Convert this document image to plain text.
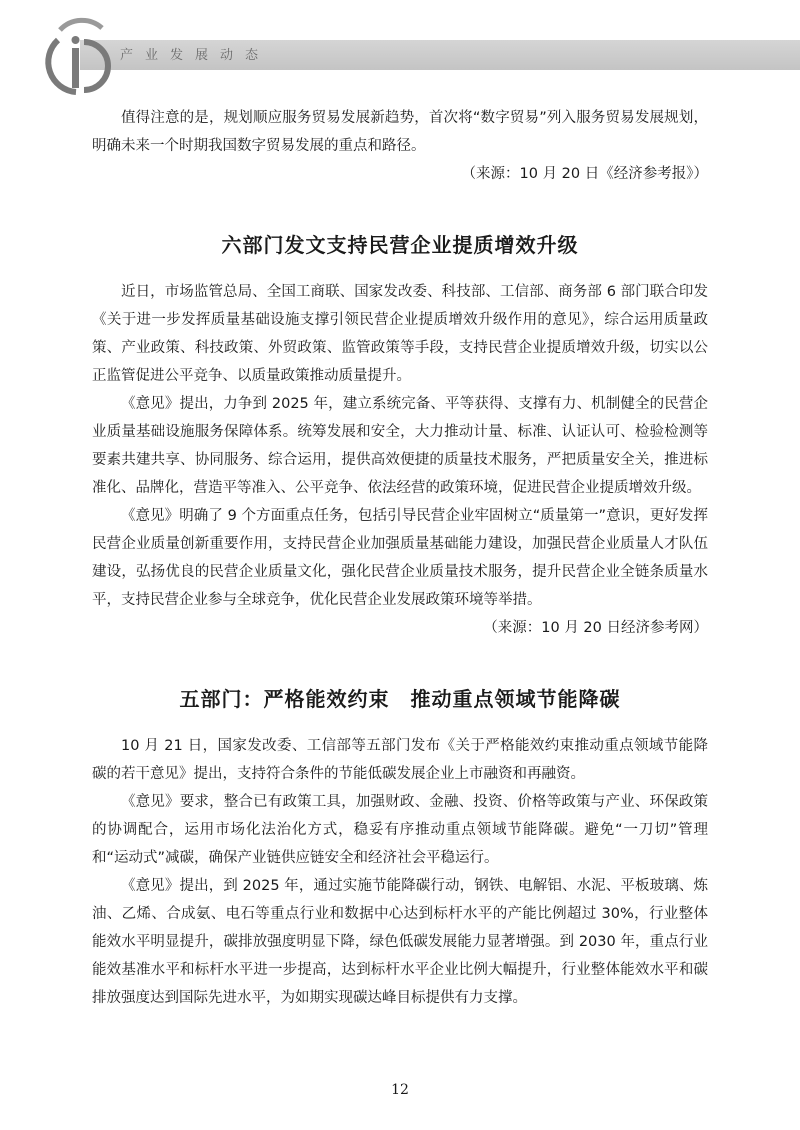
产业发展动态

值得注意的是，规划顺应服务贸易发展新趋势，首次将“数字贸易”列入服务贸易发展规划，明确未来一个时期我国数字贸易发展的重点和路径。

（来源：10 月 20 日《经济参考报》）

六部门发文支持民营企业提质增效升级

近日，市场监管总局、全国工商联、国家发改委、科技部、工信部、商务部 6 部门联合印发《关于进一步发挥质量基础设施支撑引领民营企业提质增效升级作用的意见》，综合运用质量政策、产业政策、科技政策、外贸政策、监管政策等手段，支持民营企业提质增效升级，切实以公正监管促进公平竞争、以质量政策推动质量提升。

《意见》提出，力争到 2025 年，建立系统完备、平等获得、支撑有力、机制健全的民营企业质量基础设施服务保障体系。统筹发展和安全，大力推动计量、标准、认证认可、检验检测等要素共建共享、协同服务、综合运用，提供高效便捷的质量技术服务，严把质量安全关，推进标准化、品牌化，营造平等准入、公平竞争、依法经营的政策环境，促进民营企业提质增效升级。

《意见》明确了 9 个方面重点任务，包括引导民营企业牢固树立“质量第一”意识，更好发挥民营企业质量创新重要作用，支持民营企业加强质量基础能力建设，加强民营企业质量人才队伍建设，弘扬优良的民营企业质量文化，强化民营企业质量技术服务，提升民营企业全链条质量水平，支持民营企业参与全球竞争，优化民营企业发展政策环境等举措。

（来源：10 月 20 日经济参考网）

五部门：严格能效约束　推动重点领域节能降碳

10 月 21 日，国家发改委、工信部等五部门发布《关于严格能效约束推动重点领域节能降碳的若干意见》提出，支持符合条件的节能低碳发展企业上市融资和再融资。

《意见》要求，整合已有政策工具，加强财政、金融、投资、价格等政策与产业、环保政策的协调配合，运用市场化法治化方式，稳妥有序推动重点领域节能降碳。避免“一刀切”管理和“运动式”减碳，确保产业链供应链安全和经济社会平稳运行。

《意见》提出，到 2025 年，通过实施节能降碳行动，钢铁、电解铝、水泥、平板玻璃、炼油、乙烯、合成氨、电石等重点行业和数据中心达到标杆水平的产能比例超过 30%，行业整体能效水平明显提升，碳排放强度明显下降，绿色低碳发展能力显著增强。到 2030 年，重点行业能效基准水平和标杆水平进一步提高，达到标杆水平企业比例大幅提升，行业整体能效水平和碳排放强度达到国际先进水平，为如期实现碳达峰目标提供有力支撑。

12
